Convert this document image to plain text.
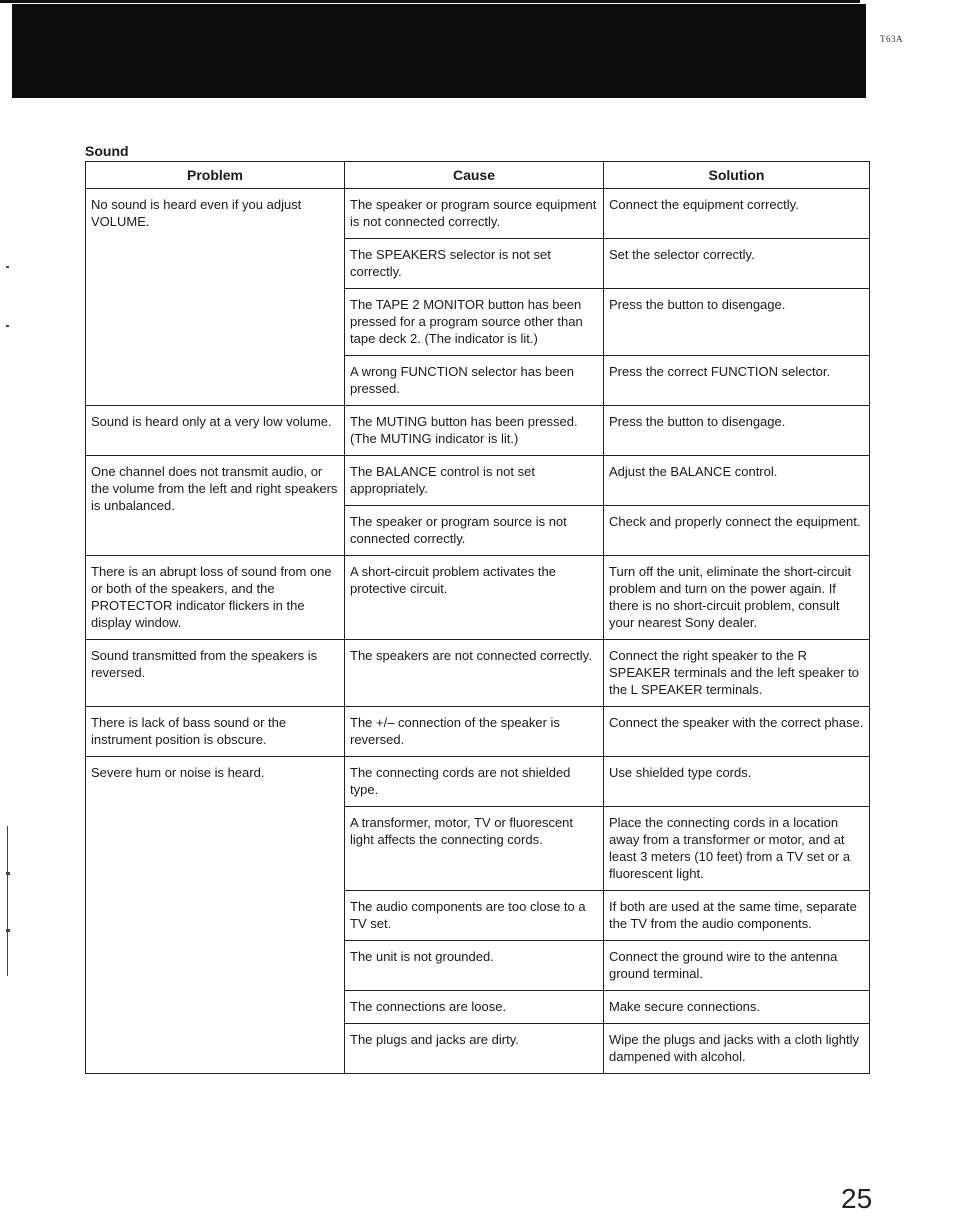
T63A
Sound
Problem	Cause	Solution
No sound is heard even if you adjust VOLUME.	The speaker or program source equipment is not connected correctly.	Connect the equipment correctly.
	The SPEAKERS selector is not set correctly.	Set the selector correctly.
	The TAPE 2 MONITOR button has been pressed for a program source other than tape deck 2. (The indicator is lit.)	Press the button to disengage.
	A wrong FUNCTION selector has been pressed.	Press the correct FUNCTION selector.
Sound is heard only at a very low volume.	The MUTING button has been pressed. (The MUTING indicator is lit.)	Press the button to disengage.
One channel does not transmit audio, or the volume from the left and right speakers is unbalanced.	The BALANCE control is not set appropriately.	Adjust the BALANCE control.
	The speaker or program source is not connected correctly.	Check and properly connect the equipment.
There is an abrupt loss of sound from one or both of the speakers, and the PROTECTOR indicator flickers in the display window.	A short-circuit problem activates the protective circuit.	Turn off the unit, eliminate the short-circuit problem and turn on the power again. If there is no short-circuit problem, consult your nearest Sony dealer.
Sound transmitted from the speakers is reversed.	The speakers are not connected correctly.	Connect the right speaker to the R SPEAKER terminals and the left speaker to the L SPEAKER terminals.
There is lack of bass sound or the instrument position is obscure.	The +/– connection of the speaker is reversed.	Connect the speaker with the correct phase.
Severe hum or noise is heard.	The connecting cords are not shielded type.	Use shielded type cords.
	A transformer, motor, TV or fluorescent light affects the connecting cords.	Place the connecting cords in a location away from a transformer or motor, and at least 3 meters (10 feet) from a TV set or a fluorescent light.
	The audio components are too close to a TV set.	If both are used at the same time, separate the TV from the audio components.
	The unit is not grounded.	Connect the ground wire to the antenna ground terminal.
	The connections are loose.	Make secure connections.
	The plugs and jacks are dirty.	Wipe the plugs and jacks with a cloth lightly dampened with alcohol.
25
